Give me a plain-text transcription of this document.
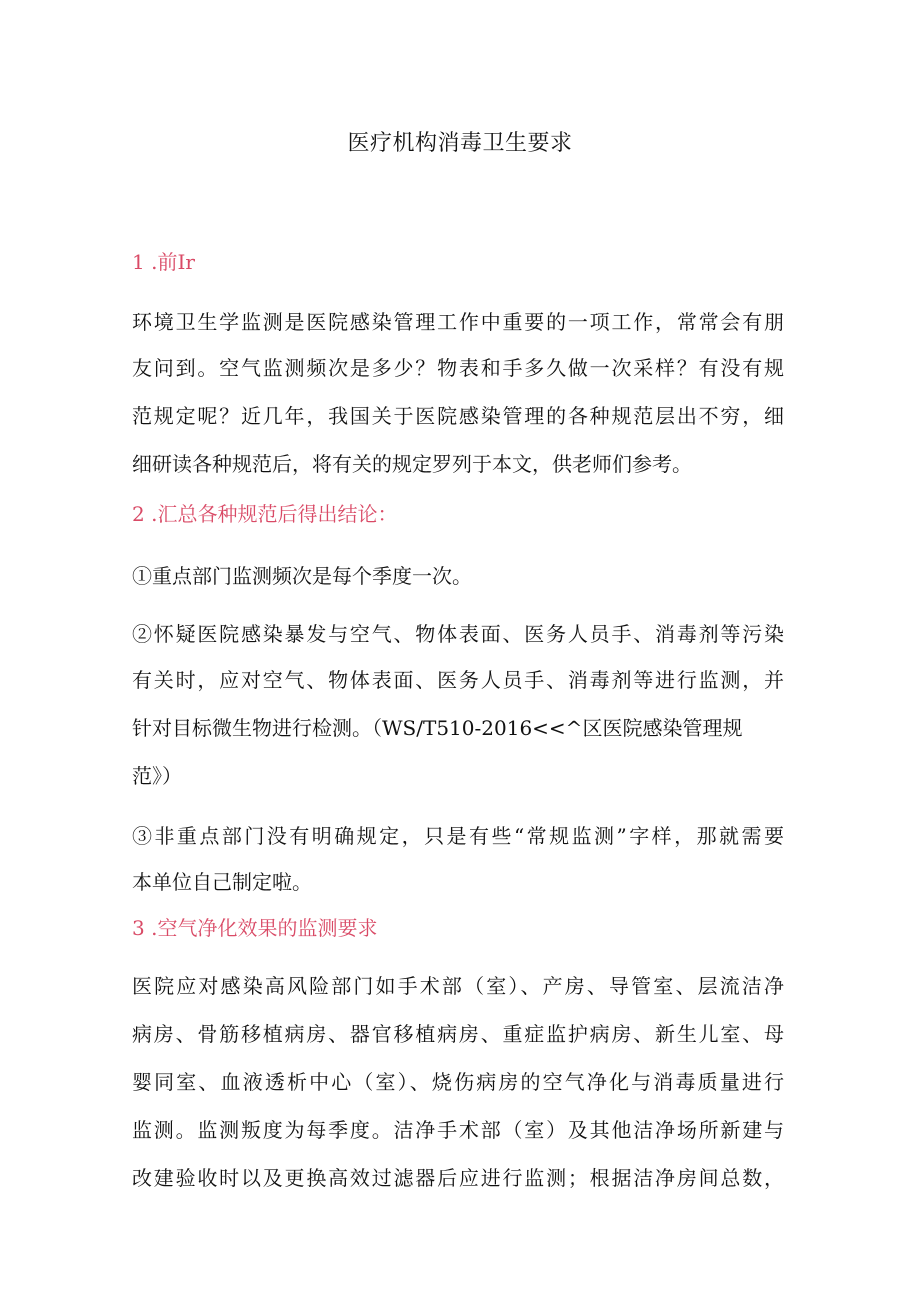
医疗机构消毒卫生要求
1 .前Ir
环境卫生学监测是医院感染管理工作中重要的一项工作，常常会有朋
友问到。空气监测频次是多少？物表和手多久做一次采样？有没有规
范规定呢？近几年，我国关于医院感染管理的各种规范层出不穷，细
细研读各种规范后，将有关的规定罗列于本文，供老师们参考。
2 .汇总各种规范后得出结论：
①重点部门监测频次是每个季度一次。
②怀疑医院感染暴发与空气、物体表面、医务人员手、消毒剂等污染
有关时，应对空气、物体表面、医务人员手、消毒剂等进行监测，并
针对目标微生物进行检测。（WS/T510-2016<<^区医院感染管理规
范》）
③非重点部门没有明确规定，只是有些“常规监测”字样，那就需要
本单位自己制定啦。
3 .空气净化效果的监测要求
医院应对感染高风险部门如手术部（室）、产房、导管室、层流洁净
病房、骨筋移植病房、器官移植病房、重症监护病房、新生儿室、母
婴同室、血液透析中心（室）、烧伤病房的空气净化与消毒质量进行
监测。监测叛度为每季度。洁净手术部（室）及其他洁净场所新建与
改建验收时以及更换高效过滤器后应进行监测；根据洁净房间总数，
